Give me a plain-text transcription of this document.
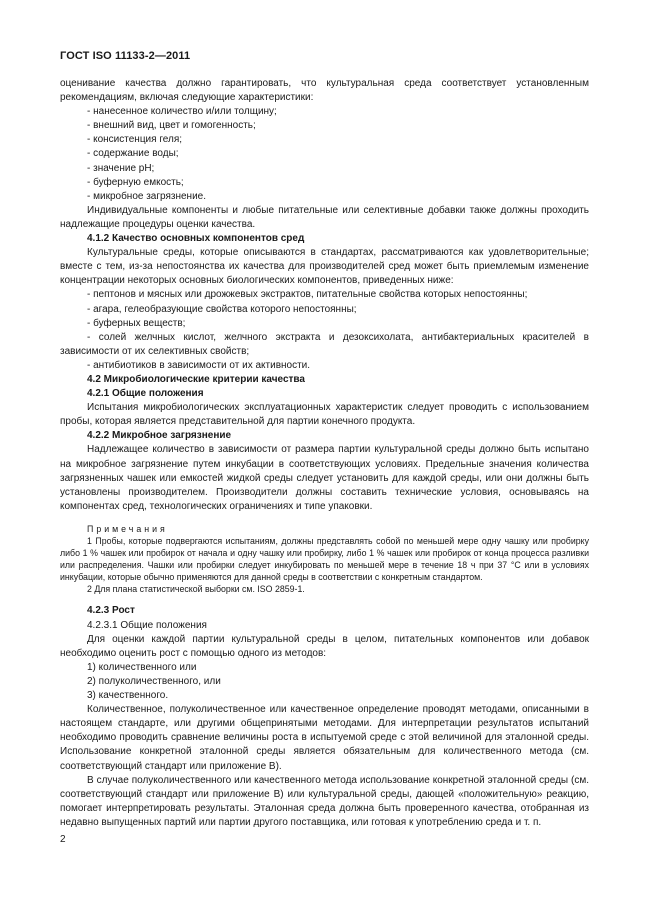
ГОСТ ISO 11133-2—2011

оценивание качества должно гарантировать, что культуральная среда соответствует установленным рекомендациям, включая следующие характеристики:

- нанесенное количество и/или толщину;

- внешний вид, цвет и гомогенность;

- консистенция геля;

- содержание воды;

- значение pH;

- буферную емкость;

- микробное загрязнение.

Индивидуальные компоненты и любые питательные или селективные добавки также должны проходить надлежащие процедуры оценки качества.

4.1.2 Качество основных компонентов сред

Культуральные среды, которые описываются в стандартах, рассматриваются как удовлетворительные; вместе с тем, из-за непостоянства их качества для производителей сред может быть приемлемым изменение концентрации некоторых основных биологических компонентов, приведенных ниже:

- пептонов и мясных или дрожжевых экстрактов, питательные свойства которых непостоянны;

- агара, гелеобразующие свойства которого непостоянны;

- буферных веществ;

- солей желчных кислот, желчного экстракта и дезоксихолата, антибактериальных красителей в зависимости от их селективных свойств;

- антибиотиков в зависимости от их активности.

4.2 Микробиологические критерии качества

4.2.1 Общие положения

Испытания микробиологических эксплуатационных характеристик следует проводить с использованием пробы, которая является представительной для партии конечного продукта.

4.2.2 Микробное загрязнение

Надлежащее количество в зависимости от размера партии культуральной среды должно быть испытано на микробное загрязнение путем инкубации в соответствующих условиях. Предельные значения количества загрязненных чашек или емкостей жидкой среды следует установить для каждой среды, или они должны быть установлены производителем. Производители должны составить технические условия, основываясь на компонентах сред, технологических ограничениях и типе упаковки.

Примечания

1 Пробы, которые подвергаются испытаниям, должны представлять собой по меньшей мере одну чашку или пробирку либо 1 % чашек или пробирок от начала и одну чашку или пробирку, либо 1 % чашек или пробирок от конца процесса разливки или распределения. Чашки или пробирки следует инкубировать по меньшей мере в течение 18 ч при 37 °С или в условиях инкубации, которые обычно применяются для данной среды в соответствии с конкретным стандартом.

2 Для плана статистической выборки см. ISO 2859-1.

4.2.3 Рост

4.2.3.1 Общие положения

Для оценки каждой партии культуральной среды в целом, питательных компонентов или добавок необходимо оценить рост с помощью одного из методов:

1) количественного или

2) полуколичественного, или

3) качественного.

Количественное, полуколичественное или качественное определение проводят методами, описанными в настоящем стандарте, или другими общепринятыми методами. Для интерпретации результатов испытаний необходимо проводить сравнение величины роста в испытуемой среде с этой величиной для эталонной среды. Использование конкретной эталонной среды является обязательным для количественного метода (см. соответствующий стандарт или приложение В).

В случае полуколичественного или качественного метода использование конкретной эталонной среды (см. соответствующий стандарт или приложение В) или культуральной среды, дающей «положительную» реакцию, помогает интерпретировать результаты. Эталонная среда должна быть проверенного качества, отобранная из недавно выпущенных партий или партии другого поставщика, или готовая к употреблению среда и т. п.

2
